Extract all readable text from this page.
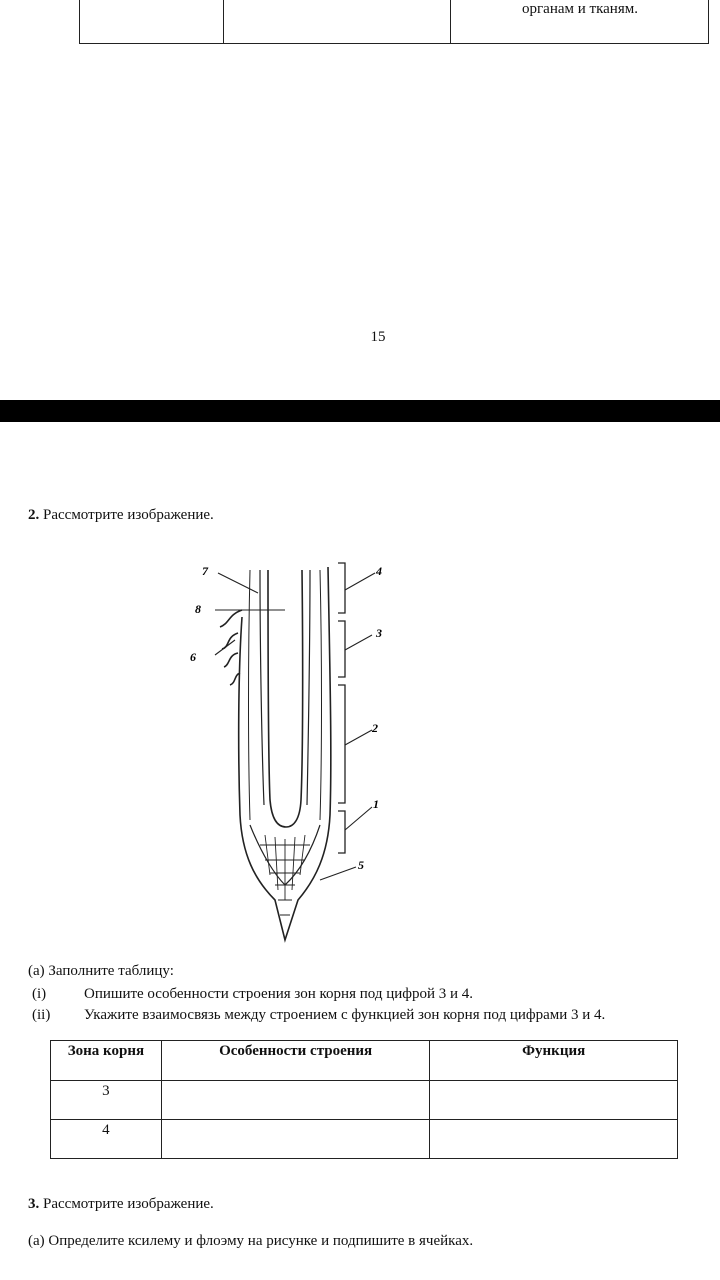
органам и тканям.
15
2. Рассмотрите изображение.
4
3
2
1
5
7
8
6
(a) Заполните таблицу:
(i)	Опишите особенности строения зон корня под цифрой 3 и 4.
(ii) Укажите взаимосвязь между строением с функцией зон корня под цифрами 3 и 4.
Зона корня	Особенности строения	Функция
3		
4		
3. Рассмотрите изображение.
(a) Определите ксилему и флоэму на рисунке и подпишите в ячейках.
